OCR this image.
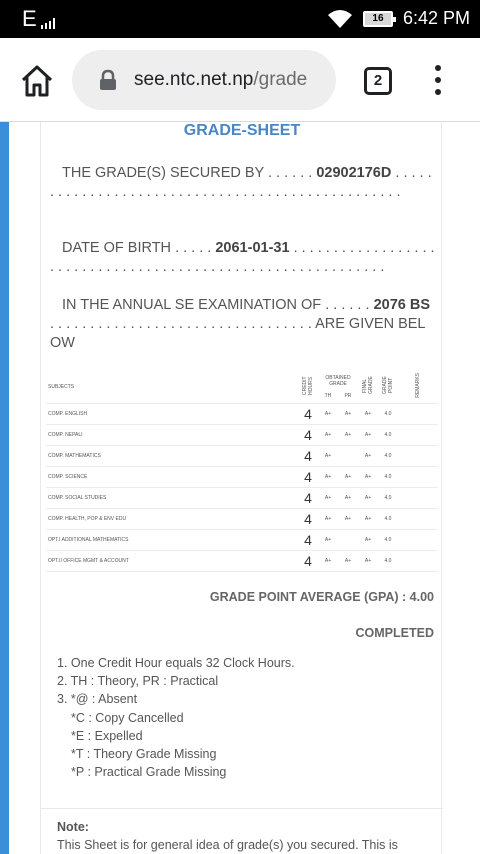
E	16	6:42 PM
see.ntc.net.np/grade	2
GRADE-SHEET
THE GRADE(S) SECURED BY . . . . . . 02902176D . . . . . . . . . . . . . . . . . . . . . . . . . . . . . . . . . . . . . . . . . . . . . . . . .
DATE OF BIRTH . . . . . 2061-01-31 . . . . . . . . . . . . . . . . . . . . . . . . . . . . . . . . . . . . . . . . . . . . . . . . . . . . . . . . . . . .
IN THE ANNUAL SE EXAMINATION OF . . . . . . 2076 BS . . . . . . . . . . . . . . . . . . . . . . . . . . . . . . . . . ARE GIVEN BELOW
SUBJECTS	CREDIT HOURS	OBTAINED GRADE
TH PR		FINAL GRADE	GRADE POINT	REMARKS	
COMP. ENGLISH	4	A+	A+	A+	4.0		
COMP. NEPALI	4	A+	A+	A+	4.0		
COMP. MATHEMATICS	4	A+		A+	4.0		
COMP. SCIENCE	4	A+	A+	A+	4.0		
COMP. SOCIAL STUDIES	4	A+	A+	A+	4.0		
COMP. HEALTH, POP & ENV EDU	4	A+	A+	A+	4.0		
OPT.I ADDITIONAL MATHEMATICS	4	A+		A+	4.0		
OPT.II OFFICE MGMT & ACCOUNT	4	A+	A+	A+	4.0		
GRADE POINT AVERAGE (GPA) : 4.00
COMPLETED
1. One Credit Hour equals 32 Clock Hours.
2. TH : Theory, PR : Practical
3. *@ : Absent
*C : Copy Cancelled
*E : Expelled
*T : Theory Grade Missing
*P : Practical Grade Missing
Note:
This Sheet is for general idea of grade(s) you secured. This is
